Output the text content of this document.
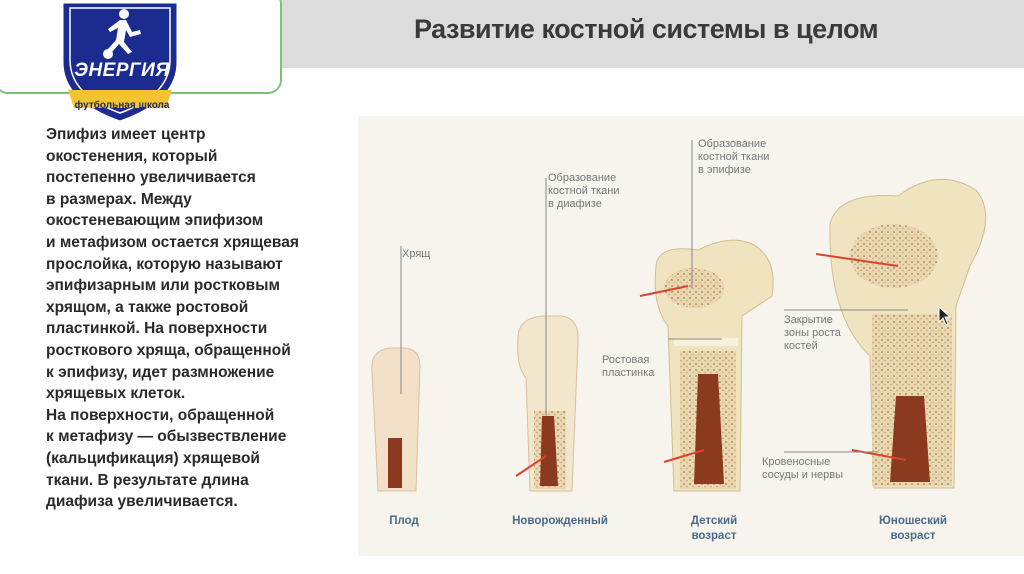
Развитие костной системы в целом
ЭНЕРГИЯ
футбольная школа
Эпифиз имеет центр
окостенения, который
постепенно увеличивается
в размерах. Между
окостеневающим эпифизом
и метафизом остается хрящевая
прослойка, которую называют
эпифизарным или ростковым
хрящом, а также ростовой
пластинкой. На поверхности
росткового хряща, обращенной
к эпифизу, идет размножение
хрящевых клеток.
На поверхности, обращенной
к метафизу — обызвествление
(кальцификация) хрящевой
ткани. В результате длина
диафиза увеличивается.
Хрящ
Образование
костной ткани
в диафизе
Образование
костной ткани
в эпифизе
Ростовая
пластинка
Закрытие
зоны роста
костей
Кровеносные
сосуды и нервы
Плод	Новорожденный	Детский
возраст
Юношеский
возраст
